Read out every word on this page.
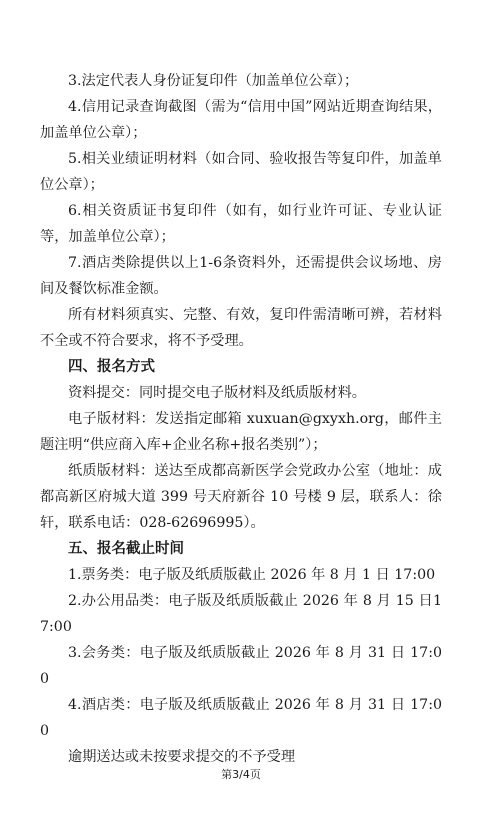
3.法定代表人身份证复印件（加盖单位公章）；

4.信用记录查询截图（需为“信用中国”网站近期查询结果，加盖单位公章）；

5.相关业绩证明材料（如合同、验收报告等复印件，加盖单位公章）；

6.相关资质证书复印件（如有，如行业许可证、专业认证等，加盖单位公章）；

7.酒店类除提供以上1-6条资料外，还需提供会议场地、房间及餐饮标准金额。

所有材料须真实、完整、有效，复印件需清晰可辨，若材料不全或不符合要求，将不予受理。

四、报名方式

资料提交：同时提交电子版材料及纸质版材料。

电子版材料：发送指定邮箱 xuxuan@gxyxh.org，邮件主题注明“供应商入库+企业名称+报名类别”）；

纸质版材料：送达至成都高新医学会党政办公室（地址：成都高新区府城大道 399 号天府新谷 10 号楼 9 层，联系人：徐轩，联系电话：028-62696995）。

五、报名截止时间

1.票务类：电子版及纸质版截止 2026 年 8 月 1 日 17:00

2.办公用品类：电子版及纸质版截止 2026 年 8 月 15 日17:00

3.会务类：电子版及纸质版截止 2026 年 8 月 31 日 17:00

4.酒店类：电子版及纸质版截止 2026 年 8 月 31 日 17:00

逾期送达或未按要求提交的不予受理

第3/4页
